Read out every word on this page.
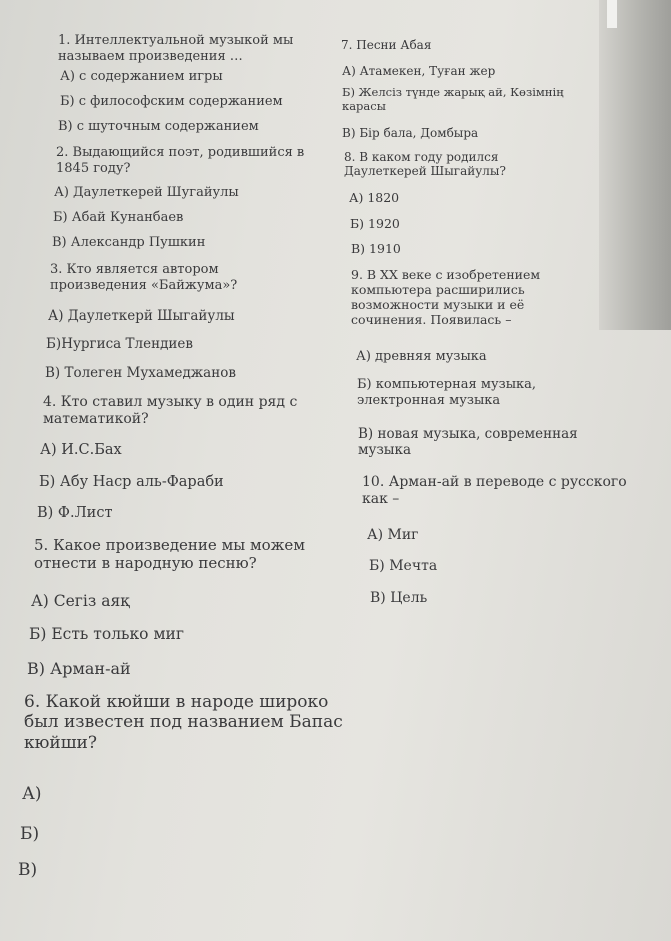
1. Интеллектуальной музыкой мы
называем произведения …
А) с содержанием игры
Б) с философским содержанием
В) с шуточным содержанием
2. Выдающийся поэт, родившийся в
1845 году?
А) Даулеткерей Шугайулы
Б) Абай Кунанбаев
В) Александр Пушкин
3. Кто является автором
произведения «Байжума»?
А) Даулеткерй Шыгайулы
Б)Нургиса Тлендиев
В) Толеген Мухамеджанов
4. Кто ставил музыку в один ряд с
математикой?
А) И.С.Бах
Б) Абу Наср аль-Фараби
В) Ф.Лист
5. Какое произведение мы можем
отнести в народную песню?
А) Сегіз аяқ
Б) Есть только миг
В) Арман-ай
6. Какой кюйши в народе широко
был известен под названием Бапас
кюйши?
А)
Б)
В)
7. Песни Абая
А) Атамекен, Туған жер
Б) Желсіз түнде жарық ай, Көзімнің
карасы
В) Бір бала, Домбыра
8. В каком году родился
Даулеткерей Шыгайулы?
А) 1820
Б) 1920
В) 1910
9. В XX веке с изобретением
компьютера расширились
возможности музыки и её
сочинения. Появилась –
А) древняя музыка
Б) компьютерная музыка,
электронная музыка
В) новая музыка, современная
музыка
10. Арман-ай в переводе с русского
как –
А) Миг
Б) Мечта
В) Цель
